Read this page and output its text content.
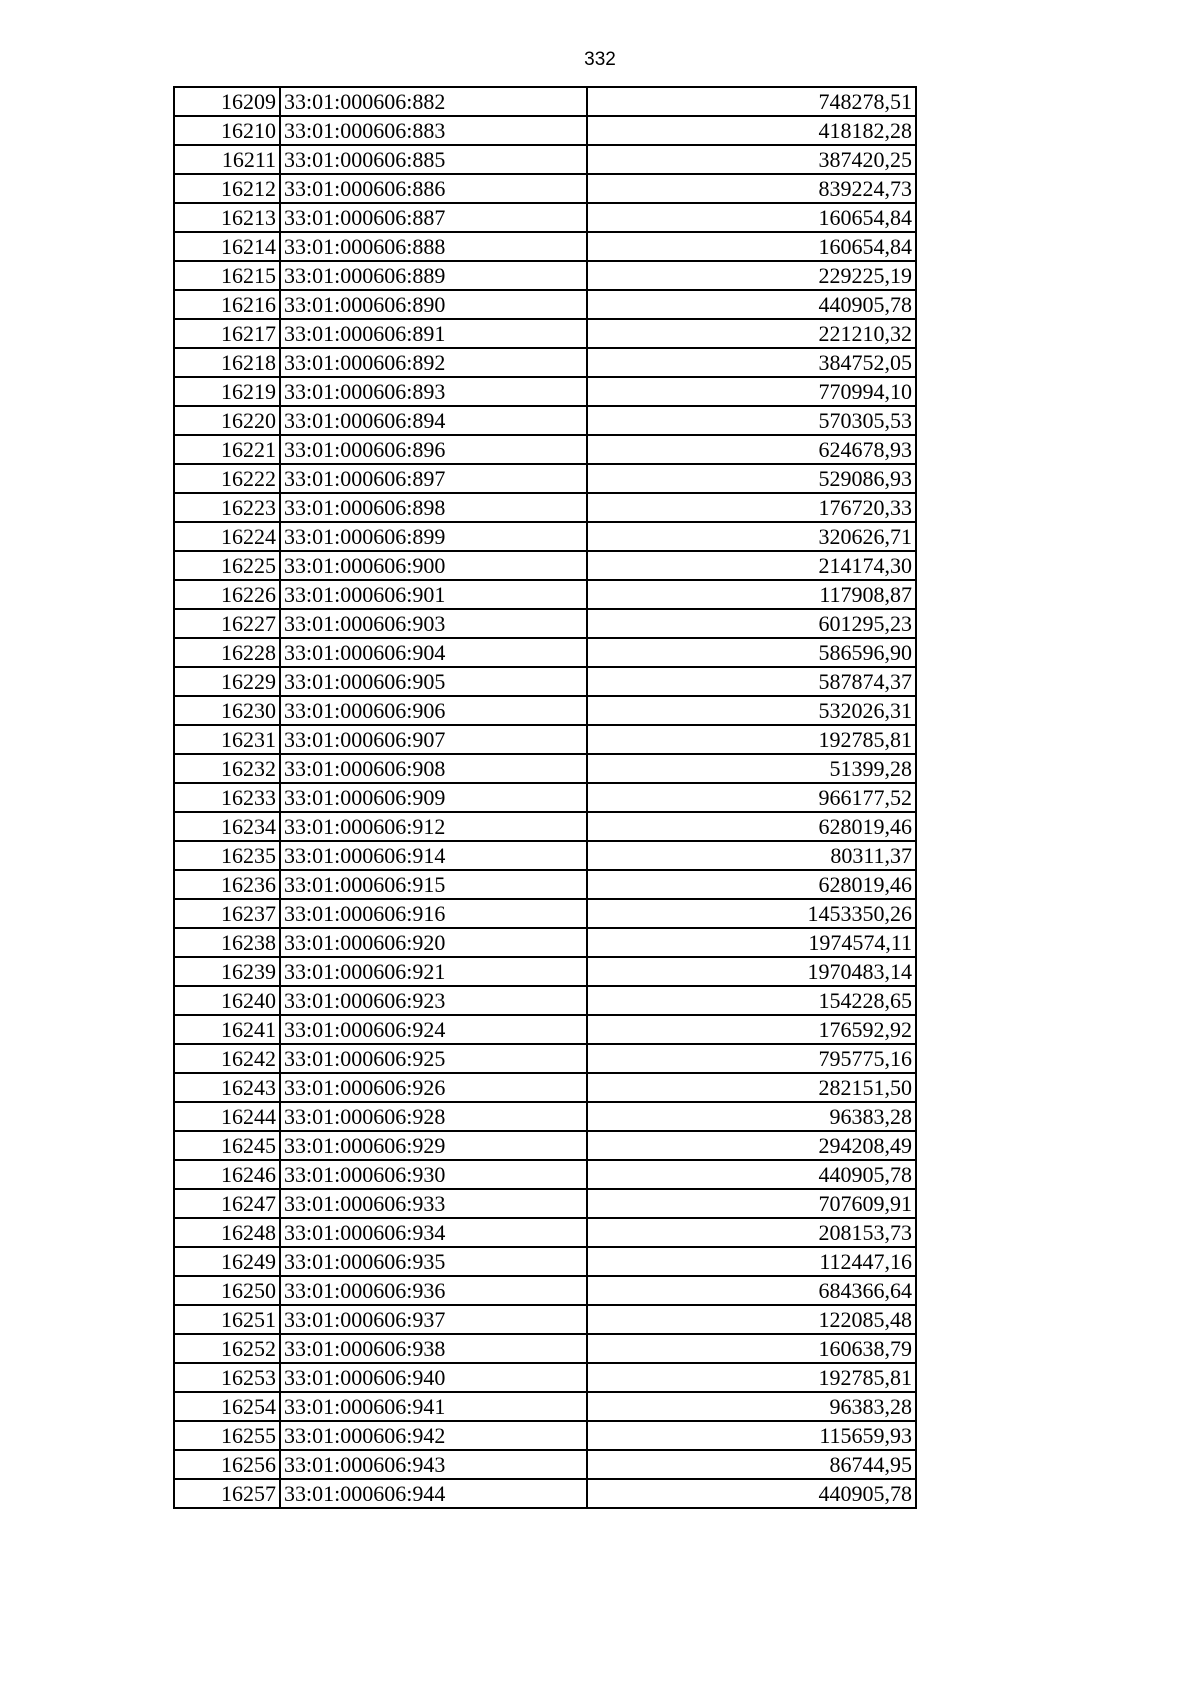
332
16209	33:01:000606:882	748278,51
16210	33:01:000606:883	418182,28
16211	33:01:000606:885	387420,25
16212	33:01:000606:886	839224,73
16213	33:01:000606:887	160654,84
16214	33:01:000606:888	160654,84
16215	33:01:000606:889	229225,19
16216	33:01:000606:890	440905,78
16217	33:01:000606:891	221210,32
16218	33:01:000606:892	384752,05
16219	33:01:000606:893	770994,10
16220	33:01:000606:894	570305,53
16221	33:01:000606:896	624678,93
16222	33:01:000606:897	529086,93
16223	33:01:000606:898	176720,33
16224	33:01:000606:899	320626,71
16225	33:01:000606:900	214174,30
16226	33:01:000606:901	117908,87
16227	33:01:000606:903	601295,23
16228	33:01:000606:904	586596,90
16229	33:01:000606:905	587874,37
16230	33:01:000606:906	532026,31
16231	33:01:000606:907	192785,81
16232	33:01:000606:908	51399,28
16233	33:01:000606:909	966177,52
16234	33:01:000606:912	628019,46
16235	33:01:000606:914	80311,37
16236	33:01:000606:915	628019,46
16237	33:01:000606:916	1453350,26
16238	33:01:000606:920	1974574,11
16239	33:01:000606:921	1970483,14
16240	33:01:000606:923	154228,65
16241	33:01:000606:924	176592,92
16242	33:01:000606:925	795775,16
16243	33:01:000606:926	282151,50
16244	33:01:000606:928	96383,28
16245	33:01:000606:929	294208,49
16246	33:01:000606:930	440905,78
16247	33:01:000606:933	707609,91
16248	33:01:000606:934	208153,73
16249	33:01:000606:935	112447,16
16250	33:01:000606:936	684366,64
16251	33:01:000606:937	122085,48
16252	33:01:000606:938	160638,79
16253	33:01:000606:940	192785,81
16254	33:01:000606:941	96383,28
16255	33:01:000606:942	115659,93
16256	33:01:000606:943	86744,95
16257	33:01:000606:944	440905,78
